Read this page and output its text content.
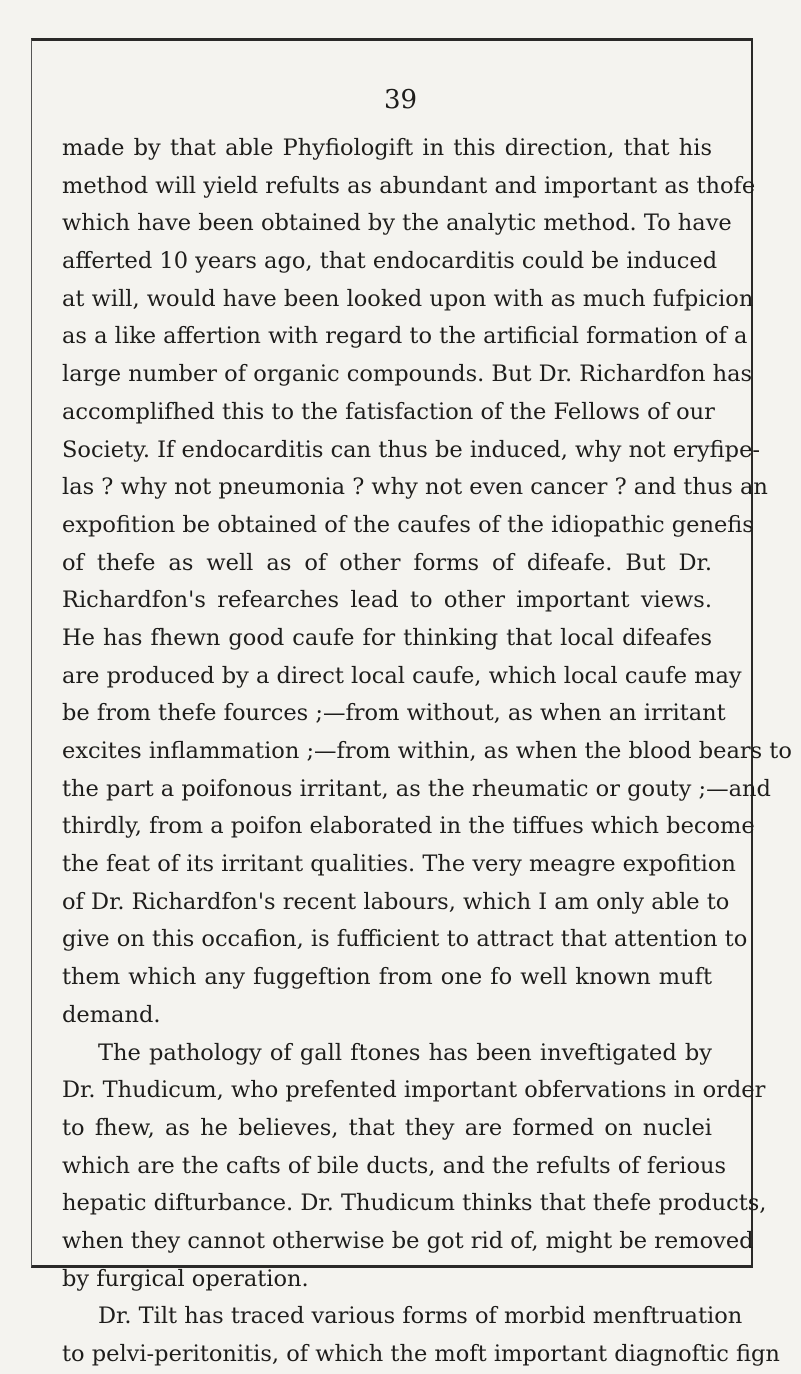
39
made by that able Phyfiologift in this direction, that his
method will yield refults as abundant and important as thofe
which have been obtained by the analytic method. To have
afferted 10 years ago, that endocarditis could be induced
at will, would have been looked upon with as much fufpicion
as a like affertion with regard to the artificial formation of a
large number of organic compounds. But Dr. Richardfon has
accomplifhed this to the fatisfaction of the Fellows of our
Society. If endocarditis can thus be induced, why not eryfipe-
las ? why not pneumonia ? why not even cancer ? and thus an
expofition be obtained of the caufes of the idiopathic genefis
of thefe as well as of other forms of difeafe. But Dr.
Richardfon's refearches lead to other important views.
He has fhewn good caufe for thinking that local difeafes
are produced by a direct local caufe, which local caufe may
be from thefe fources ;—from without, as when an irritant
excites inflammation ;—from within, as when the blood bears to
the part a poifonous irritant, as the rheumatic or gouty ;—and
thirdly, from a poifon elaborated in the tiffues which become
the feat of its irritant qualities. The very meagre expofition
of Dr. Richardfon's recent labours, which I am only able to
give on this occafion, is fufficient to attract that attention to
them which any fuggeftion from one fo well known muft
demand.
The pathology of gall ftones has been inveftigated by
Dr. Thudicum, who prefented important obfervations in order
to fhew, as he believes, that they are formed on nuclei
which are the cafts of bile ducts, and the refults of ferious
hepatic difturbance. Dr. Thudicum thinks that thefe products,
when they cannot otherwise be got rid of, might be removed
by furgical operation.
Dr. Tilt has traced various forms of morbid menftruation
to pelvi-peritonitis, of which the moft important diagnoftic fign
